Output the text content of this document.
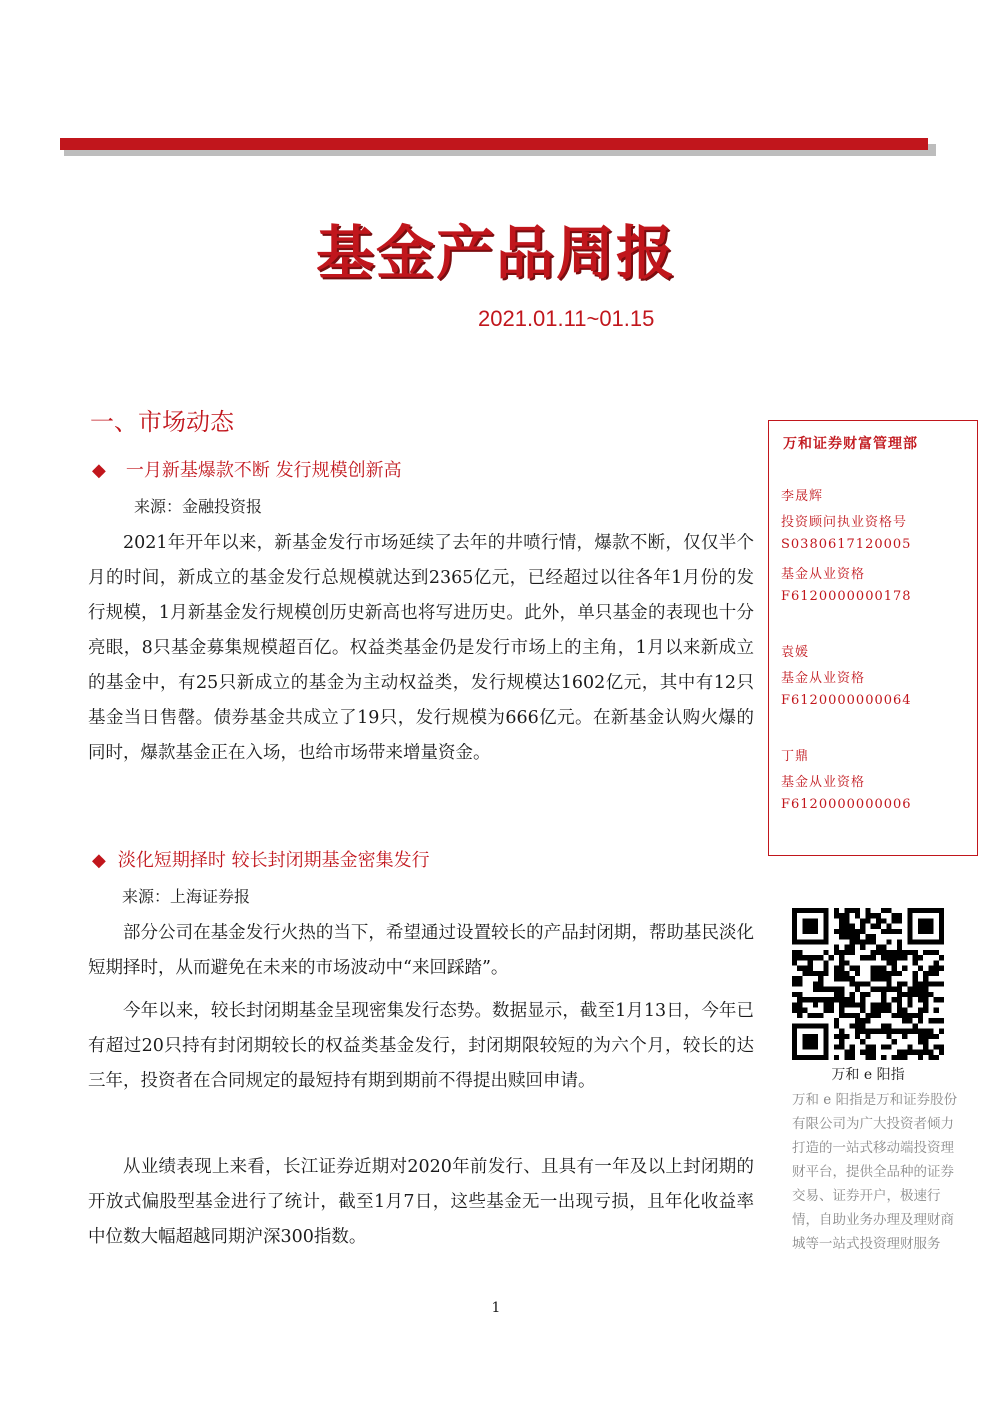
基金产品周报
2021.01.11~01.15
一、市场动态
◆ 一月新基爆款不断 发行规模创新高
来源：金融投资报

2021年开年以来，新基金发行市场延续了去年的井喷行情，爆款不断，仅仅半个月的时间，新成立的基金发行总规模就达到2365亿元，已经超过以往各年1月份的发行规模，1月新基金发行规模创历史新高也将写进历史。此外，单只基金的表现也十分亮眼，8只基金募集规模超百亿。权益类基金仍是发行市场上的主角，1月以来新成立的基金中，有25只新成立的基金为主动权益类，发行规模达1602亿元，其中有12只基金当日售罄。债券基金共成立了19只，发行规模为666亿元。在新基金认购火爆的同时，爆款基金正在入场，也给市场带来增量资金。

◆ 淡化短期择时 较长封闭期基金密集发行
来源：上海证券报

部分公司在基金发行火热的当下，希望通过设置较长的产品封闭期，帮助基民淡化短期择时，从而避免在未来的市场波动中“来回踩踏”。

今年以来，较长封闭期基金呈现密集发行态势。数据显示，截至1月13日，今年已有超过20只持有封闭期较长的权益类基金发行，封闭期限较短的为六个月，较长的达三年，投资者在合同规定的最短持有期到期前不得提出赎回申请。

从业绩表现上来看，长江证券近期对2020年前发行、且具有一年及以上封闭期的开放式偏股型基金进行了统计，截至1月7日，这些基金无一出现亏损，且年化收益率中位数大幅超越同期沪深300指数。

万和证券财富管理部
李晟辉
投资顾问执业资格号
S0380617120005
基金从业资格
F6120000000178
袁媛
基金从业资格
F6120000000064
丁鼎
基金从业资格
F6120000000006
万和 e 阳指

万和 e 阳指是万和证券股份有限公司为广大投资者倾力打造的一站式移动端投资理财平台，提供全品种的证券交易、证券开户，极速行情，自助业务办理及理财商城等一站式投资理财服务

1
